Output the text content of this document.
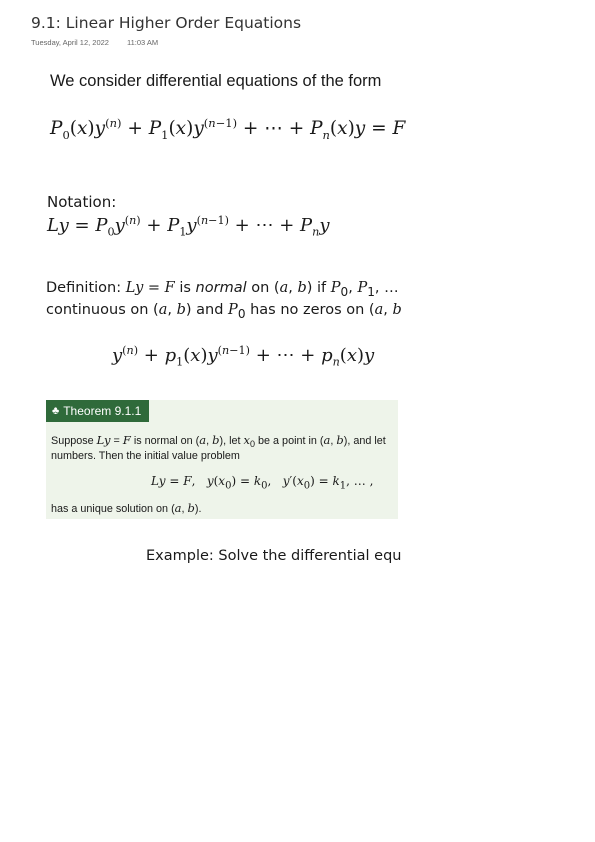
9.1: Linear Higher Order Equations
Tuesday, April 12, 2022 11:03 AM
We consider differential equations of the form
$P_0(x)y^{(n)} + P_1(x)y^{(n-1)}$ + ⋯ + $P_n(x)y = F$
Notation:
$Ly = P_0y^{(n)} + P_1y^{(n-1)}$ + ⋯ + $P_ny$
Definition: Ly = F is normal on (a, b) if $P_0$, $P_1$, …
continuous on (a, b) and $P_0$ has no zeros on (a, b
$y^{(n)} + p_1(x)y^{(n-1)}$ + ⋯ + $p_n(x)y$
♣ Theorem 9.1.1
Suppose Ly = F is normal on (a, b), let $x_0$ be a point in (a, b), and let
numbers. Then the initial value problem
Ly = F,   $y(x_0) = k_0$,   $y'(x_0) = k_1$, … ,
has a unique solution on (a, b).
Example: Solve the differential equ
